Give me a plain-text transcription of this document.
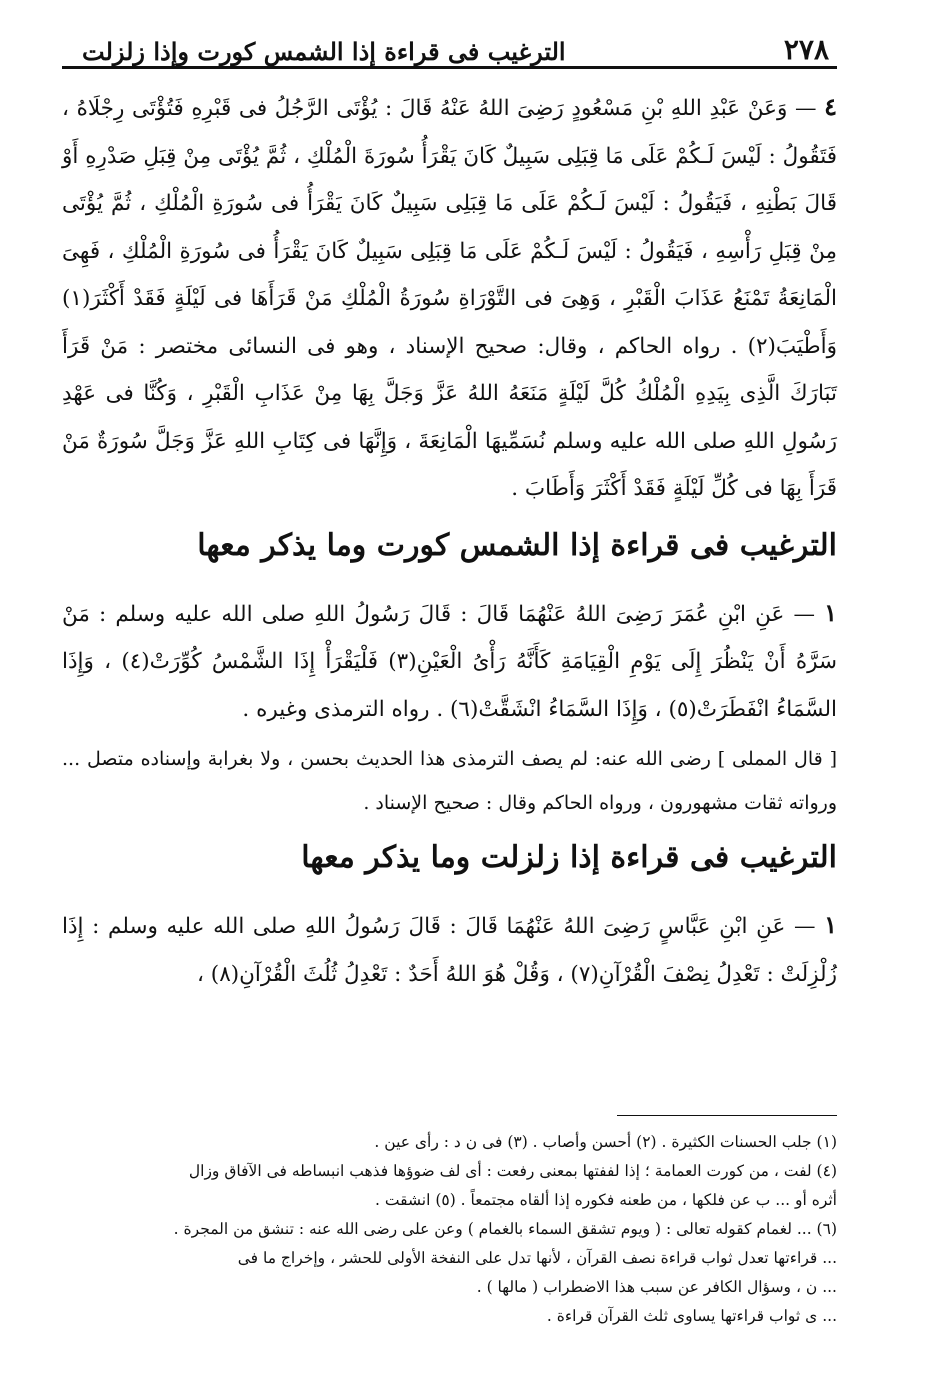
٢٧٨
الترغيب فى قراءة إذا الشمس كورت وإذا زلزلت

٤ — وَعَنْ عَبْدِ اللهِ بْنِ مَسْعُودٍ رَضِىَ اللهُ عَنْهُ قَالَ : يُؤْتَى الرَّجُلُ فى قَبْرِهِ فَتُؤْتَى رِجْلَاهُ ، فَتَقُولُ : لَيْسَ لَـكُمْ عَلَى مَا قِبَلِى سَبِيلٌ كَانَ يَقْرَأُ سُورَةَ الْمُلْكِ ، ثُمَّ يُؤْتَى مِنْ قِبَلِ صَدْرِهِ أَوْ قَالَ بَطْنِهِ ، فَيَقُولُ : لَيْسَ لَـكُمْ عَلَى مَا قِبَلِى سَبِيلٌ كَانَ يَقْرَأُ فى سُورَةِ الْمُلْكِ ، ثُمَّ يُؤْتَى مِنْ قِبَلِ رَأْسِهِ ، فَيَقُولُ : لَيْسَ لَـكُمْ عَلَى مَا قِبَلِى سَبِيلٌ كَانَ يَقْرَأُ فى سُورَةِ الْمُلْكِ ، فَهِىَ الْمَانِعَةُ تَمْنَعُ عَذَابَ الْقَبْرِ ، وَهِىَ فى التَّوْرَاةِ سُورَةُ الْمُلْكِ مَنْ قَرَأَهَا فى لَيْلَةٍ فَقَدْ أَكْثَرَ(١) وَأَطْيَبَ(٢) . رواه الحاكم ، وقال: صحيح الإسناد ، وهو فى النسائى مختصر : مَنْ قَرَأَ تَبَارَكَ الَّذِى بِيَدِهِ الْمُلْكُ كُلَّ لَيْلَةٍ مَنَعَهُ اللهُ عَزَّ وَجَلَّ بِهَا مِنْ عَذَابِ الْقَبْرِ ، وَكُنَّا فى عَهْدِ رَسُولِ اللهِ صلى الله عليه وسلم نُسَمِّيهَا الْمَانِعَةَ ، وَإِنَّهَا فى كِتَابِ اللهِ عَزَّ وَجَلَّ سُورَةٌ مَنْ قَرَأَ بِهَا فى كُلِّ لَيْلَةٍ فَقَدْ أَكْثَرَ وَأَطَابَ .

الترغيب فى قراءة إذا الشمس كورت وما يذكر معها

١ — عَنِ ابْنِ عُمَرَ رَضِىَ اللهُ عَنْهُمَا قَالَ : قَالَ رَسُولُ اللهِ صلى الله عليه وسلم : مَنْ سَرَّهُ أَنْ يَنْظُرَ إِلَى يَوْمِ الْقِيَامَةِ كَأَنَّهُ رَأْىُ الْعَيْنِ(٣) فَلْيَقْرَأْ إِذَا الشَّمْسُ كُوِّرَتْ(٤) ، وَإِذَا السَّمَاءُ انْفَطَرَتْ(٥) ، وَإِذَا السَّمَاءُ انْشَقَّتْ(٦) . رواه الترمذى وغيره .

[ قال المملى ] رضى الله عنه: لم يصف الترمذى هذا الحديث بحسن ، ولا بغرابة وإسناده متصل ... ورواته ثقات مشهورون ، ورواه الحاكم وقال : صحيح الإسناد .

الترغيب فى قراءة إذا زلزلت وما يذكر معها

١ — عَنِ ابْنِ عَبَّاسٍ رَضِىَ اللهُ عَنْهُمَا قَالَ : قَالَ رَسُولُ اللهِ صلى الله عليه وسلم : إِذَا زُلْزِلَتْ : تَعْدِلُ نِصْفَ الْقُرْآنِ(٧) ، وَقُلْ هُوَ اللهُ أَحَدٌ : تَعْدِلُ ثُلُثَ الْقُرْآنِ(٨) ،

(١) جلب الحسنات الكثيرة . (٢) أحسن وأصاب . (٣) فى ن د : رأى عين .
(٤) لفت ، من كورت العمامة ؛ إذا لففتها بمعنى رفعت : أى لف ضوؤها فذهب انبساطه فى الآفاق وزال
أثره أو ... ب عن فلكها ، من طعنه فكوره إذا ألقاه مجتمعاً . (٥) انشقت .
(٦) ... لغمام كقوله تعالى : ( ويوم تشقق السماء بالغمام ) وعن على رضى الله عنه : تنشق من المجرة .
... قراءتها تعدل ثواب قراءة نصف القرآن ، لأنها تدل على النفخة الأولى للحشر ، وإخراج ما فى
... ن ، وسؤال الكافر عن سبب هذا الاضطراب ( مالها ) .
... ى ثواب قراءتها يساوى ثلث القرآن قراءة .
